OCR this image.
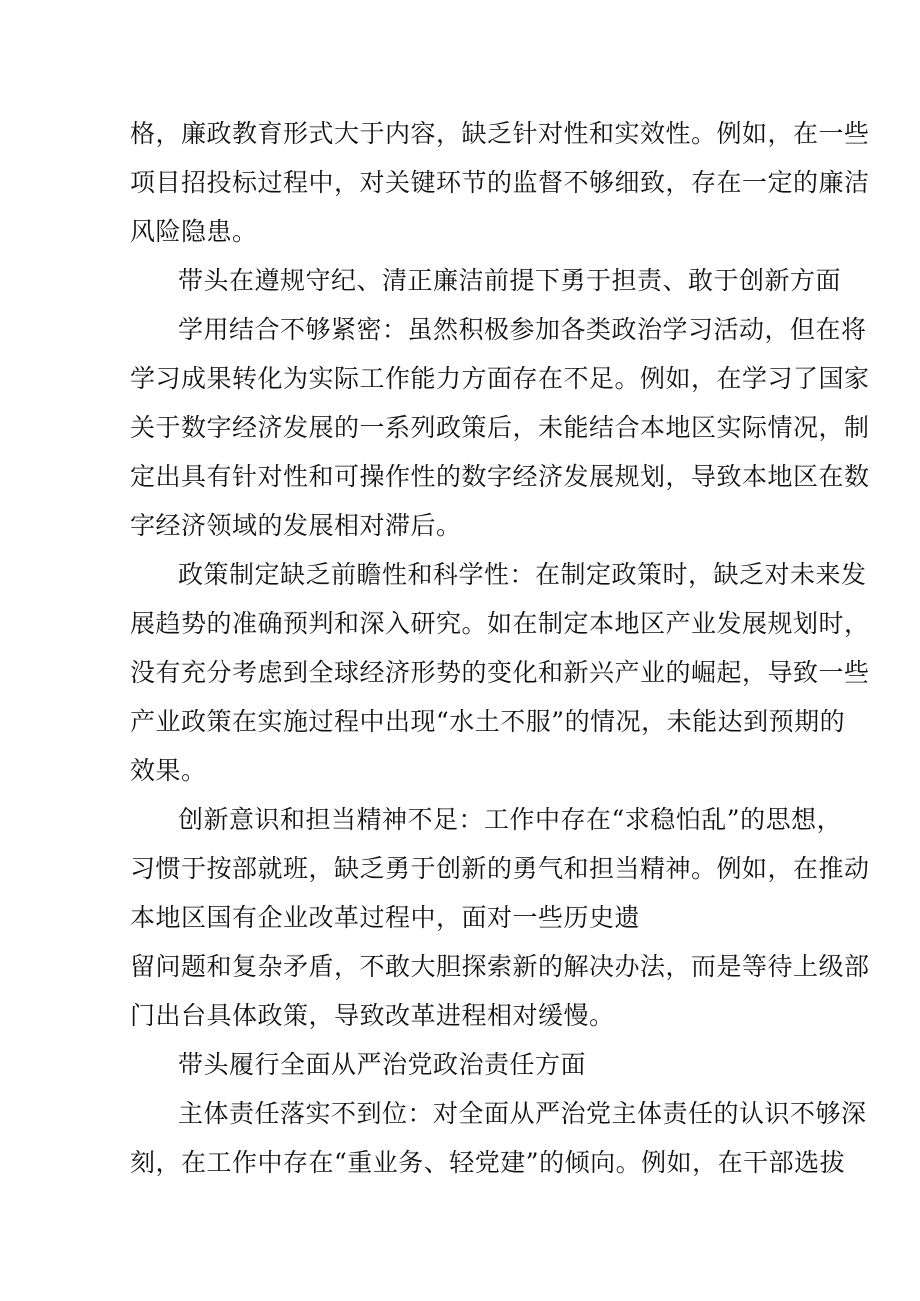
格，廉政教育形式大于内容，缺乏针对性和实效性。例如，在一些
项目招投标过程中，对关键环节的监督不够细致，存在一定的廉洁
风险隐患。
带头在遵规守纪、清正廉洁前提下勇于担责、敢于创新方面
学用结合不够紧密：虽然积极参加各类政治学习活动，但在将
学习成果转化为实际工作能力方面存在不足。例如，在学习了国家
关于数字经济发展的一系列政策后，未能结合本地区实际情况，制
定出具有针对性和可操作性的数字经济发展规划，导致本地区在数
字经济领域的发展相对滞后。
政策制定缺乏前瞻性和科学性：在制定政策时，缺乏对未来发
展趋势的准确预判和深入研究。如在制定本地区产业发展规划时，
没有充分考虑到全球经济形势的变化和新兴产业的崛起，导致一些
产业政策在实施过程中出现“水土不服”的情况，未能达到预期的
效果。
创新意识和担当精神不足：工作中存在“求稳怕乱”的思想，
习惯于按部就班，缺乏勇于创新的勇气和担当精神。例如，在推动
本地区国有企业改革过程中，面对一些历史遗
留问题和复杂矛盾，不敢大胆探索新的解决办法，而是等待上级部
门出台具体政策，导致改革进程相对缓慢。
带头履行全面从严治党政治责任方面
主体责任落实不到位：对全面从严治党主体责任的认识不够深
刻，在工作中存在“重业务、轻党建”的倾向。例如，在干部选拔
